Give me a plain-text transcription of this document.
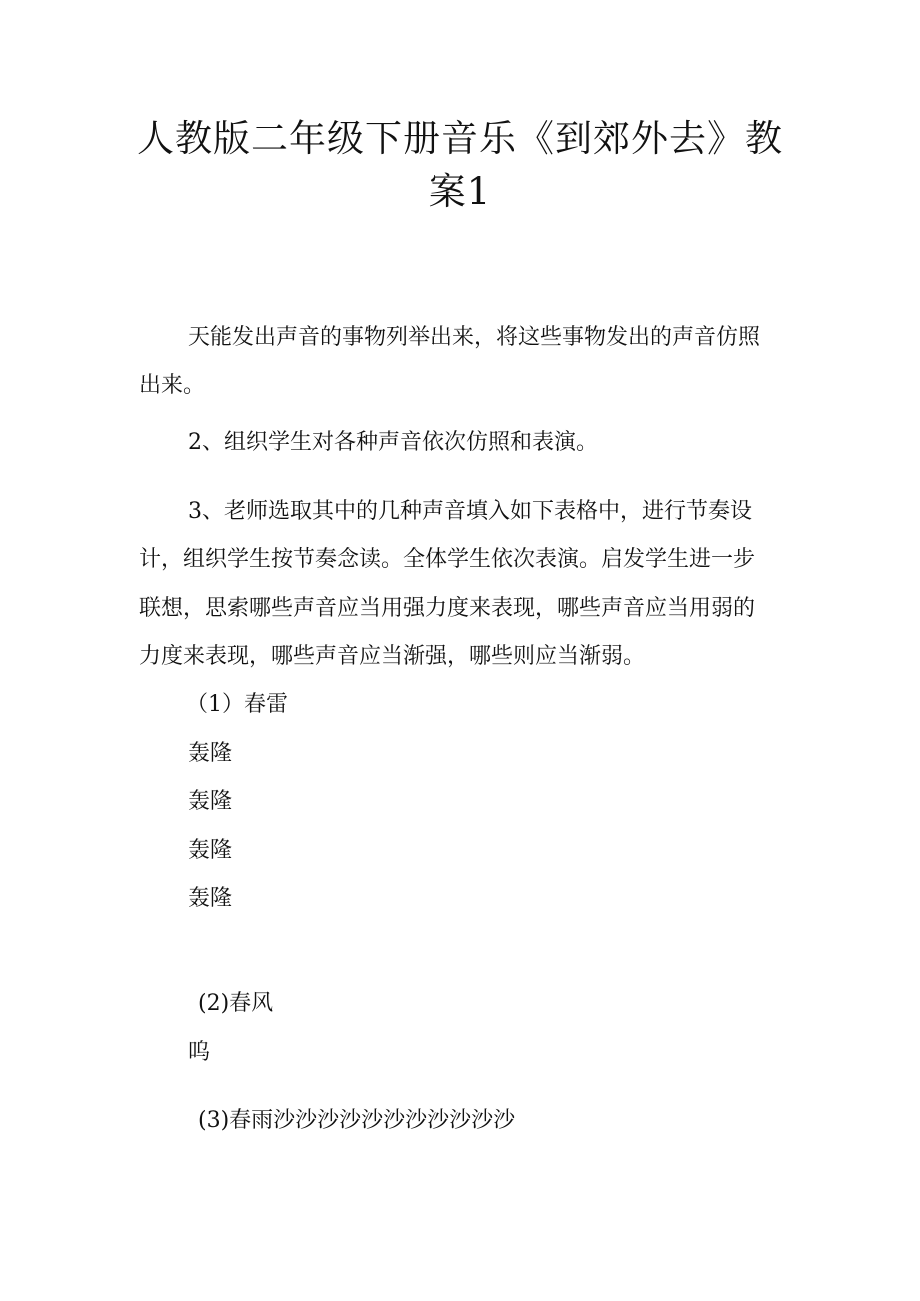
人教版二年级下册音乐《到郊外去》教
案1

天能发出声音的事物列举出来，将这些事物发出的声音仿照

出来。

2、组织学生对各种声音依次仿照和表演。

3、老师选取其中的几种声音填入如下表格中，进行节奏设

计，组织学生按节奏念读。全体学生依次表演。启发学生进一步

联想，思索哪些声音应当用强力度来表现，哪些声音应当用弱的

力度来表现，哪些声音应当渐强，哪些则应当渐弱。

（1）春雷

轰隆

轰隆

轰隆

轰隆

(2)春风

呜

(3)春雨沙沙沙沙沙沙沙沙沙沙沙
